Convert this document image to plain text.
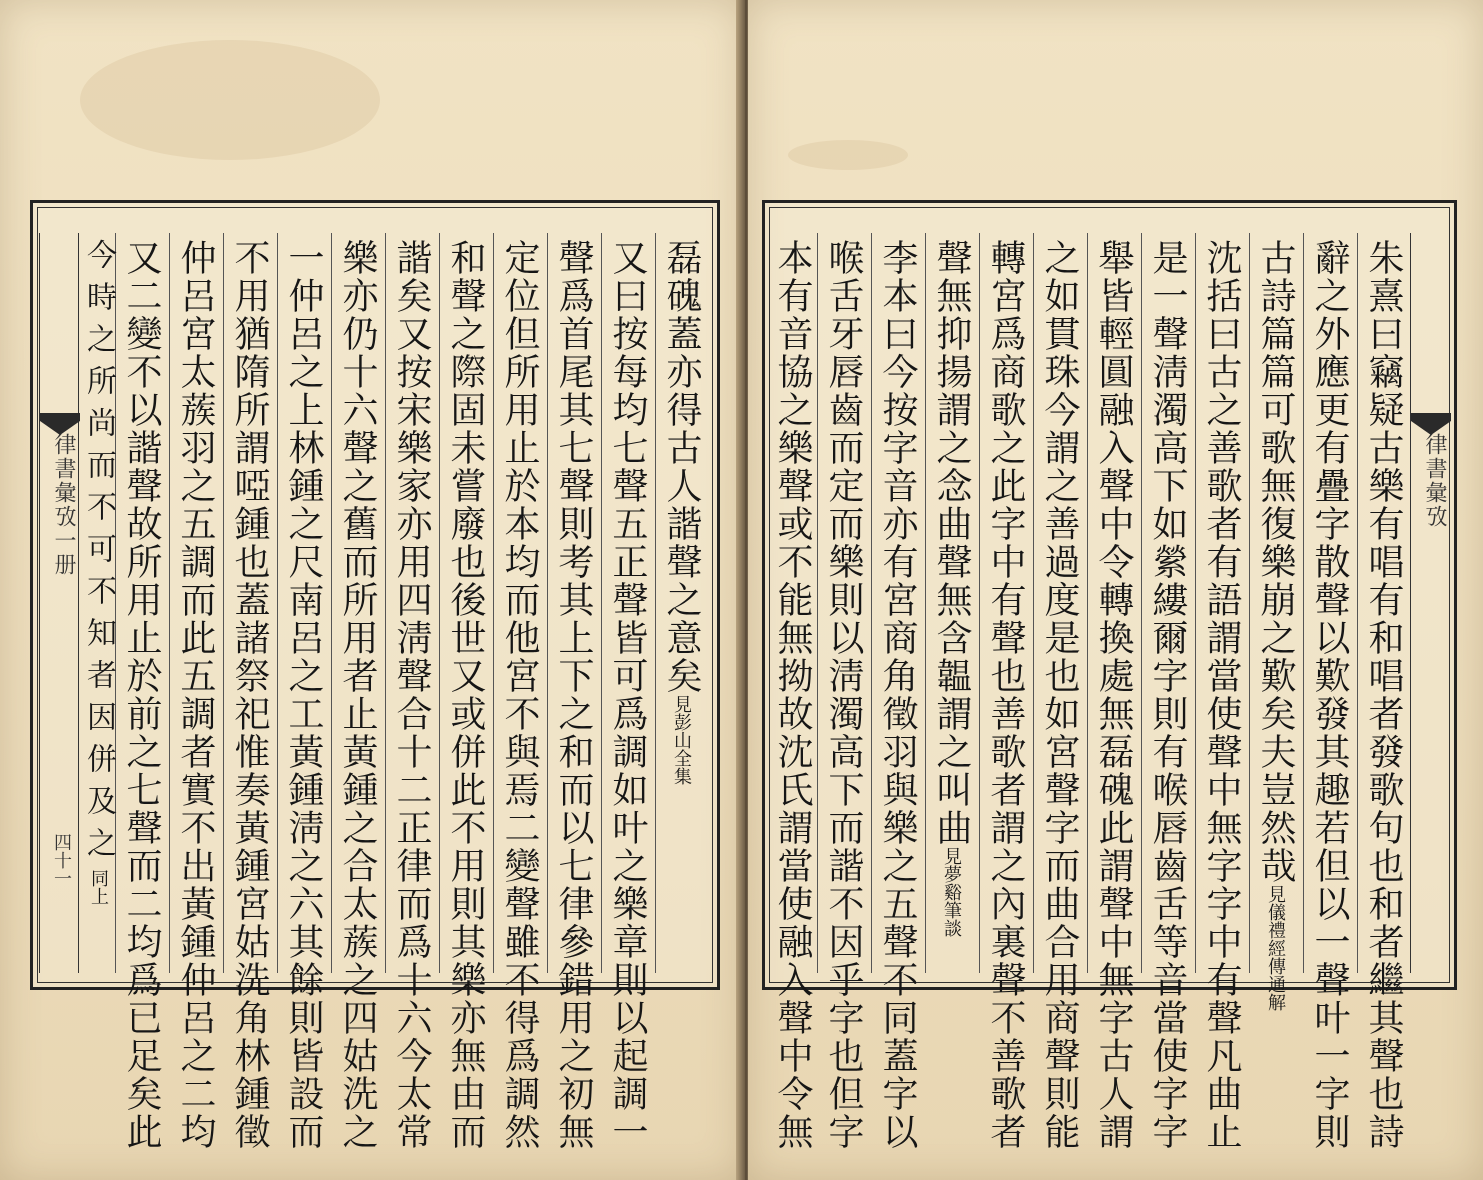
律書彙攷一册
四十一
磊磈蓋亦得古人諧聲之意矣見彭山全集
又曰按每均七聲五正聲皆可爲調如叶之樂章則以起調一
聲爲首尾其七聲則考其上下之和而以七律參錯用之初無
定位但所用止於本均而他宮不與焉二變聲雖不得爲調然
和聲之際固未嘗廢也後世又或併此不用則其樂亦無由而
諧矣又按宋樂家亦用四淸聲合十二正律而爲十六今太常
樂亦仍十六聲之舊而所用者止黃鍾之合太蔟之四姑洗之
一仲呂之上林鍾之尺南呂之工黃鍾淸之六其餘則皆設而
不用猶隋所謂啞鍾也蓋諸祭祀惟奏黃鍾宮姑洗角林鍾徵
仲呂宮太蔟羽之五調而此五調者實不出黃鍾仲呂之二均
又二變不以諧聲故所用止於前之七聲而二均爲已足矣此
今時之所尚而不可不知者因併及之同上
律書彙攷
朱熹曰竊疑古樂有唱有和唱者發歌句也和者繼其聲也詩
辭之外應更有疊字散聲以歎發其趣若但以一聲叶一字則
古詩篇篇可歌無復樂崩之歎矣夫豈然哉見儀禮經傳通解
沈括曰古之善歌者有語謂當使聲中無字字中有聲凡曲止
是一聲淸濁高下如縈縷爾字則有喉唇齒舌等音當使字字
舉皆輕圓融入聲中令轉換處無磊磈此謂聲中無字古人謂
之如貫珠今謂之善過度是也如宮聲字而曲合用商聲則能
轉宮爲商歌之此字中有聲也善歌者謂之內裏聲不善歌者
聲無抑揚謂之念曲聲無含韞謂之叫曲見夢谿筆談
李本曰今按字音亦有宮商角徵羽與樂之五聲不同蓋字以
喉舌牙唇齒而定而樂則以淸濁高下而諧不因乎字也但字
本有音協之樂聲或不能無拗故沈氏謂當使融入聲中令無
